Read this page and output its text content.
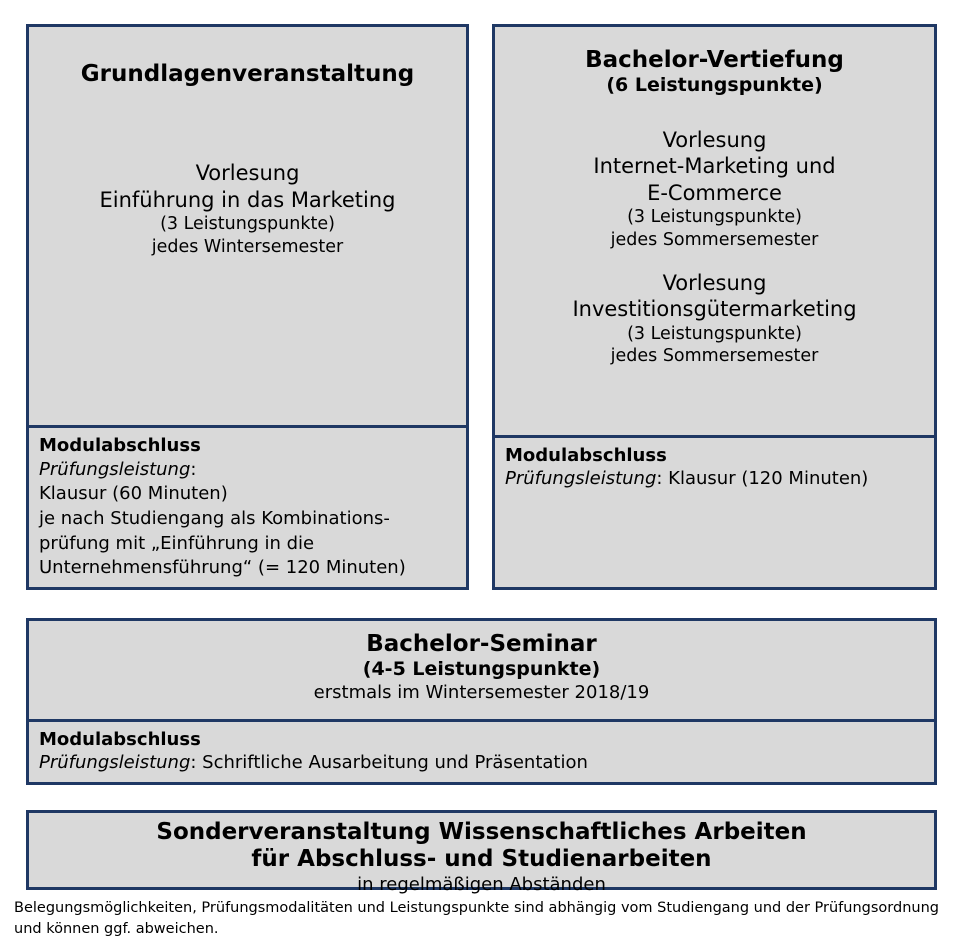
Grundlagenveranstaltung
Vorlesung
Einführung in das Marketing
(3 Leistungspunkte)
jedes Wintersemester
Modulabschluss
Prüfungsleistung:
Klausur (60 Minuten)
je nach Studiengang als Kombinations-
prüfung mit „Einführung in die
Unternehmensführung“ (= 120 Minuten)
Bachelor-Vertiefung
(6 Leistungspunkte)
Vorlesung
Internet-Marketing und
E-Commerce
(3 Leistungspunkte)
jedes Sommersemester
Vorlesung
Investitionsgütermarketing
(3 Leistungspunkte)
jedes Sommersemester
Modulabschluss
Prüfungsleistung: Klausur (120 Minuten)
Bachelor-Seminar
(4-5 Leistungspunkte)
erstmals im Wintersemester 2018/19
Modulabschluss
Prüfungsleistung: Schriftliche Ausarbeitung und Präsentation
Sonderveranstaltung Wissenschaftliches Arbeiten
für Abschluss- und Studienarbeiten
in regelmäßigen Abständen
Belegungsmöglichkeiten, Prüfungsmodalitäten und Leistungspunkte sind abhängig vom Studiengang und der Prüfungsordnung
und können ggf. abweichen.
